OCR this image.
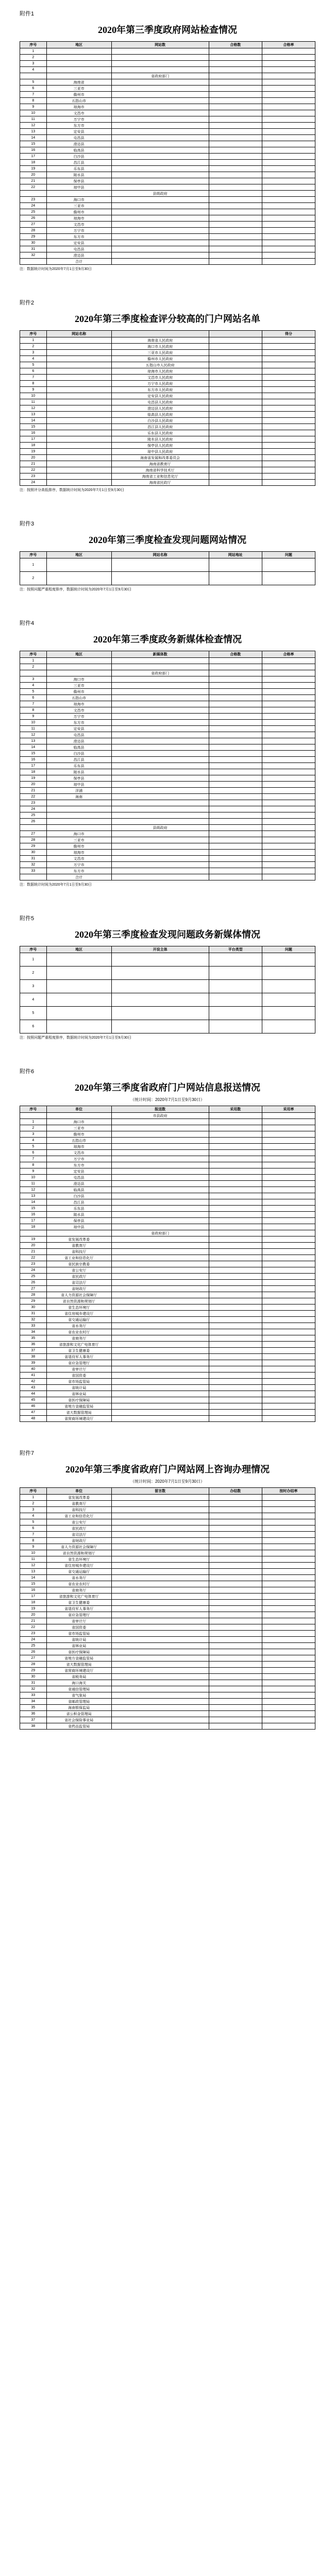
附件1
2020年第三季度政府网站检查情况
序号	地区	网站数	合格数	合格率
1				
2				
3				
4				
		省政府部门		
5	海南省			
6	三亚市			
7	儋州市			
8	五指山市			
9	琼海市			
10	文昌市			
11	万宁市			
12	东方市			
13	定安县			
14	屯昌县			
15	澄迈县			
16	临高县			
17	白沙县			
18	昌江县			
19	乐东县			
20	陵水县			
21	保亭县			
22	琼中县			
		县级政府		
23	海口市			
24	三亚市			
25	儋州市			
26	琼海市			
27	文昌市			
28	万宁市			
29	东方市			
30	定安县			
31	屯昌县			
32	澄迈县			
	合计			
注：数据统计时间为2020年7月1日至9月30日
附件2
2020年第三季度检查评分较高的门户网站名单
序号	网站名称			得分
1		海南省人民政府		
2		海口市人民政府		
3		三亚市人民政府		
4		儋州市人民政府		
5		五指山市人民政府		
6		琼海市人民政府		
7		文昌市人民政府		
8		万宁市人民政府		
9		东方市人民政府		
10		定安县人民政府		
11		屯昌县人民政府		
12		澄迈县人民政府		
13		临高县人民政府		
14		白沙县人民政府		
15		昌江县人民政府		
16		乐东县人民政府		
17		陵水县人民政府		
18		保亭县人民政府		
19		琼中县人民政府		
20		海南省发展和改革委员会		
21		海南省教育厅		
22		海南省科学技术厅		
23		海南省工业和信息化厅		
24		海南省民政厅		
注：按照评分高低排序，数据统计时间为2020年7月1日至9月30日
附件3
2020年第三季度检查发现问题网站情况
序号	地区	网站名称	网站地址	问题
1				
2				
注：按照问题严重程度排序，数据统计时间为2020年7月1日至9月30日
附件4
2020年第三季度政务新媒体检查情况
序号	地区	新媒体数	合格数	合格率
1				
2				
		省政府部门		
3	海口市			
4	三亚市			
5	儋州市			
6	五指山市			
7	琼海市			
8	文昌市			
9	万宁市			
10	东方市			
11	定安县			
12	屯昌县			
13	澄迈县			
14	临高县			
15	白沙县			
16	昌江县			
17	乐东县			
18	陵水县			
19	保亭县			
20	琼中县			
21	洋浦			
22	海南			
23				
24				
25				
26				
		县级政府		
27	海口市			
28	三亚市			
29	儋州市			
30	琼海市			
31	文昌市			
32	万宁市			
33	东方市			
	合计			
注：数据统计时间为2020年7月1日至9月30日
附件5
2020年第三季度检查发现问题政务新媒体情况
序号	地区	开设主体	平台类型	问题
1				
2				
3				
4				
5				
6				
注：按照问题严重程度排序，数据统计时间为2020年7月1日至9月30日
附件6
2020年第三季度省政府门户网站信息报送情况
（统计时间：2020年7月1日至9月30日）
序号	单位	报送数	采用数	采用率
		市县政府		
1	海口市			
2	三亚市			
3	儋州市			
4	五指山市			
5	琼海市			
6	文昌市			
7	万宁市			
8	东方市			
9	定安县			
10	屯昌县			
11	澄迈县			
12	临高县			
13	白沙县			
14	昌江县			
15	乐东县			
16	陵水县			
17	保亭县			
18	琼中县			
		省政府部门		
19	省发展改革委			
20	省教育厅			
21	省科技厅			
22	省工业和信息化厅			
23	省民族宗教委			
24	省公安厅			
25	省民政厅			
26	省司法厅			
27	省财政厅			
28	省人力资源社会保障厅			
29	省自然资源和规划厅			
30	省生态环境厅			
31	省住房城乡建设厅			
32	省交通运输厅			
33	省水务厅			
34	省农业农村厅			
35	省商务厅			
36	省旅游和文化广电体育厅			
37	省卫生健康委			
38	省退役军人事务厅			
39	省应急管理厅			
40	省审计厅			
41	省国资委			
42	省市场监管局			
43	省统计局			
44	省林业局			
45	省医疗保障局			
46	省地方金融监管局			
47	省大数据管理局			
48	省营商环境建设厅			
附件7
2020年第三季度省政府门户网站网上咨询办理情况
（统计时间：2020年7月1日至9月30日）
序号	单位	留言数	办结数	按时办结率
1	省发展改革委			
2	省教育厅			
3	省科技厅			
4	省工业和信息化厅			
5	省公安厅			
6	省民政厅			
7	省司法厅			
8	省财政厅			
9	省人力资源社会保障厅			
10	省自然资源和规划厅			
11	省生态环境厅			
12	省住房城乡建设厅			
13	省交通运输厅			
14	省水务厅			
15	省农业农村厅			
16	省商务厅			
17	省旅游和文化广电体育厅			
18	省卫生健康委			
19	省退役军人事务厅			
20	省应急管理厅			
21	省审计厅			
22	省国资委			
23	省市场监管局			
24	省统计局			
25	省林业局			
26	省医疗保障局			
27	省地方金融监管局			
28	省大数据管理局			
29	省营商环境建设厅			
30	省税务局			
31	海口海关			
32	省通信管理局			
33	省气象局			
34	省邮政管理局			
35	海南银保监局			
36	省公积金管理局			
37	省社会保险事业局			
38	省药品监管局			
